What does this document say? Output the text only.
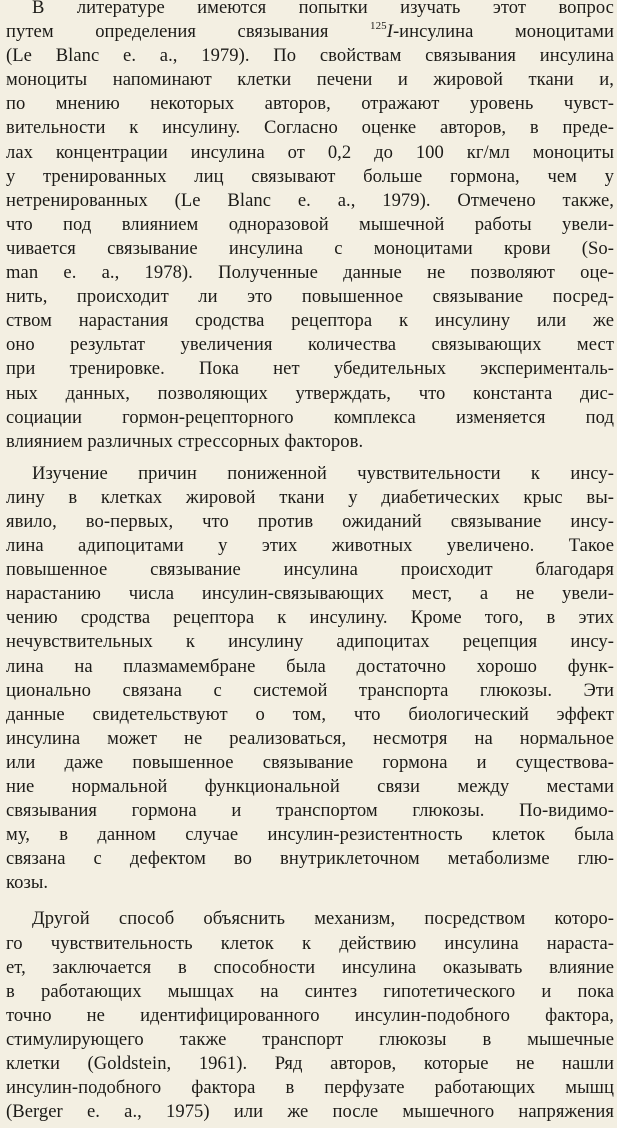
В литературе имеются попытки изучать этот вопрос
путем определения связывания $^{125}$I-инсулина моноцитами
(Le Blanc e. a., 1979). По свойствам связывания инсулина
моноциты напоминают клетки печени и жировой ткани и,
по мнению некоторых авторов, отражают уровень чувст-
вительности к инсулину. Согласно оценке авторов, в преде-
лах концентрации инсулина от 0,2 до 100 кг/мл моноциты
у тренированных лиц связывают больше гормона, чем у
нетренированных (Le Blanc e. a., 1979). Отмечено также,
что под влиянием одноразовой мышечной работы увели-
чивается связывание инсулина с моноцитами крови (So-
man e. a., 1978). Полученные данные не позволяют оце-
нить, происходит ли это повышенное связывание посред-
ством нарастания сродства рецептора к инсулину или же
оно результат увеличения количества связывающих мест
при тренировке. Пока нет убедительных эксперименталь-
ных данных, позволяющих утверждать, что константа дис-
социации гормон-рецепторного комплекса изменяется под
влиянием различных стрессорных факторов.
Изучение причин пониженной чувствительности к инсу-
лину в клетках жировой ткани у диабетических крыс вы-
явило, во-первых, что против ожиданий связывание инсу-
лина адипоцитами у этих животных увеличено. Такое
повышенное связывание инсулина происходит благодаря
нарастанию числа инсулин-связывающих мест, а не увели-
чению сродства рецептора к инсулину. Кроме того, в этих
нечувствительных к инсулину адипоцитах рецепция инсу-
лина на плазмамембране была достаточно хорошо функ-
ционально связана с системой транспорта глюкозы. Эти
данные свидетельствуют о том, что биологический эффект
инсулина может не реализоваться, несмотря на нормальное
или даже повышенное связывание гормона и существова-
ние нормальной функциональной связи между местами
связывания гормона и транспортом глюкозы. По-видимо-
му, в данном случае инсулин-резистентность клеток была
связана с дефектом во внутриклеточном метаболизме глю-
козы.
Другой способ объяснить механизм, посредством которо-
го чувствительность клеток к действию инсулина нараста-
ет, заключается в способности инсулина оказывать влияние
в работающих мышцах на синтез гипотетического и пока
точно не идентифицированного инсулин-подобного фактора,
стимулирующего также транспорт глюкозы в мышечные
клетки (Goldstein, 1961). Ряд авторов, которые не нашли
инсулин-подобного фактора в перфузате работающих мышц
(Berger e. a., 1975) или же после мышечного напряжения
